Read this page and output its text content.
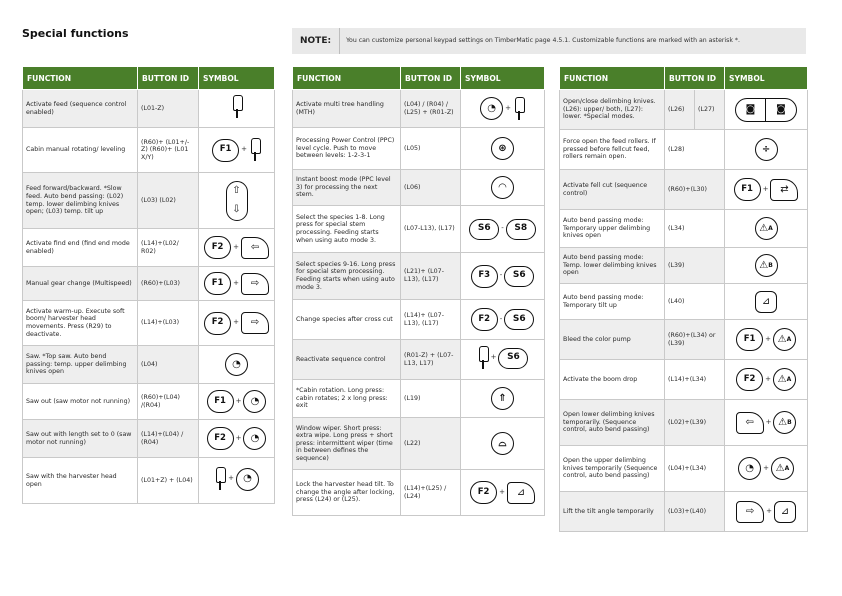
Special functions
NOTE:	You can customize personal keypad settings on TimberMatic page 4.5.1. Customizable functions are marked with an asterisk *.
FUNCTION	BUTTON ID	SYMBOL
Activate feed (sequence control enabled)	(L01-Z)	

Cabin manual rotating/ leveling	(R60)+ (L01+/-Z) (R60)+ (L01 X/Y)	F1 +

Feed forward/backward. *Slow feed. Auto bend passing: (L02) temp. lower delimbing knives open; (L03) temp. tilt up	(L03) (L02)	⇧
⇩

Activate find end (find end mode enabled)	(L14)+(L02/ R02)	F2 + ⇦

Manual gear change (Multispeed)	(R60)+(L03)	F1 + ⇨

Activate warm-up. Execute soft boom/ harvester head movements. Press (R29) to deactivate.	(L14)+(L03)	F2 + ⇨

Saw. *Top saw. Auto bend passing: temp. upper delimbing knives open	(L04)	◔

Saw out (saw motor not running)	(R60)+(L04) /(R04)	F1 + ◔

Saw out with length set to 0 (saw motor not running)	(L14)+(L04) / (R04)	F2 + ◔

Saw with the harvester head open	(L01+Z) + (L04)	+ ◔
FUNCTION	BUTTON ID	SYMBOL
Activate multi tree handling (MTH)	(L04) / (R04) / (L25) + (R01-Z)	◔ +

Processing Power Control (PPC) level cycle. Push to move between levels: 1-2-3-1	(L05)	⊛

Instant boost mode (PPC level 3) for processing the next stem.	(L06)	◠

Select the species 1-8. Long press for special stem processing. Feeding starts when using auto mode 3.	(L07-L13), (L17)	S6 - S8

Select species 9-16. Long press for special stem processing. Feeding starts when using auto mode 3.	(L21)+ (L07-L13), (L17)	F3 - S6

Change species after cross cut	(L14)+ (L07-L13), (L17)	F2 - S6

Reactivate sequence control	(R01-Z) + (L07-L13, L17)	+ S6

*Cabin rotation. Long press: cabin rotates; 2 x long press: exit	(L19)	⇑

Window wiper. Short press: extra wipe. Long press + short press: intermittent wiper (time in between defines the sequence)	(L22)	⌓

Lock the harvester head tilt. To change the angle after locking, press (L24) or (L25).	(L14)+(L25) / (L24)	F2 + ⊿
FUNCTION	BUTTON ID		SYMBOL
Open/close delimbing knives. (L26): upper/ both, (L27): lower. *Special modes.	(L26)	(L27)	◙ ◙

Force open the feed rollers. If pressed before fellcut feed, rollers remain open.	(L28)		÷

Activate fell cut (sequence control)	(R60)+(L30)		F1 + ⇄

Auto bend passing mode: Temporary upper delimbing knives open	(L34)		⚠ A

Auto bend passing mode: Temp. lower delimbing knives open	(L39)		⚠ B

Auto bend passing mode: Temporary tilt up	(L40)		⊿

Bleed the color pump	(R60)+(L34) or (L39)		F1 + ⚠ A

Activate the boom drop	(L14)+(L34)		F2 + ⚠ A

Open lower delimbing knives temporarily. (Sequence control, auto bend passing)	(L02)+(L39)		⇦ + ⚠ B

Open the upper delimbing knives temporarily (Sequence control, auto bend passing)	(L04)+(L34)		◔ + ⚠ A

Lift the tilt angle temporarily	(L03)+(L40)		⇨ + ⊿
